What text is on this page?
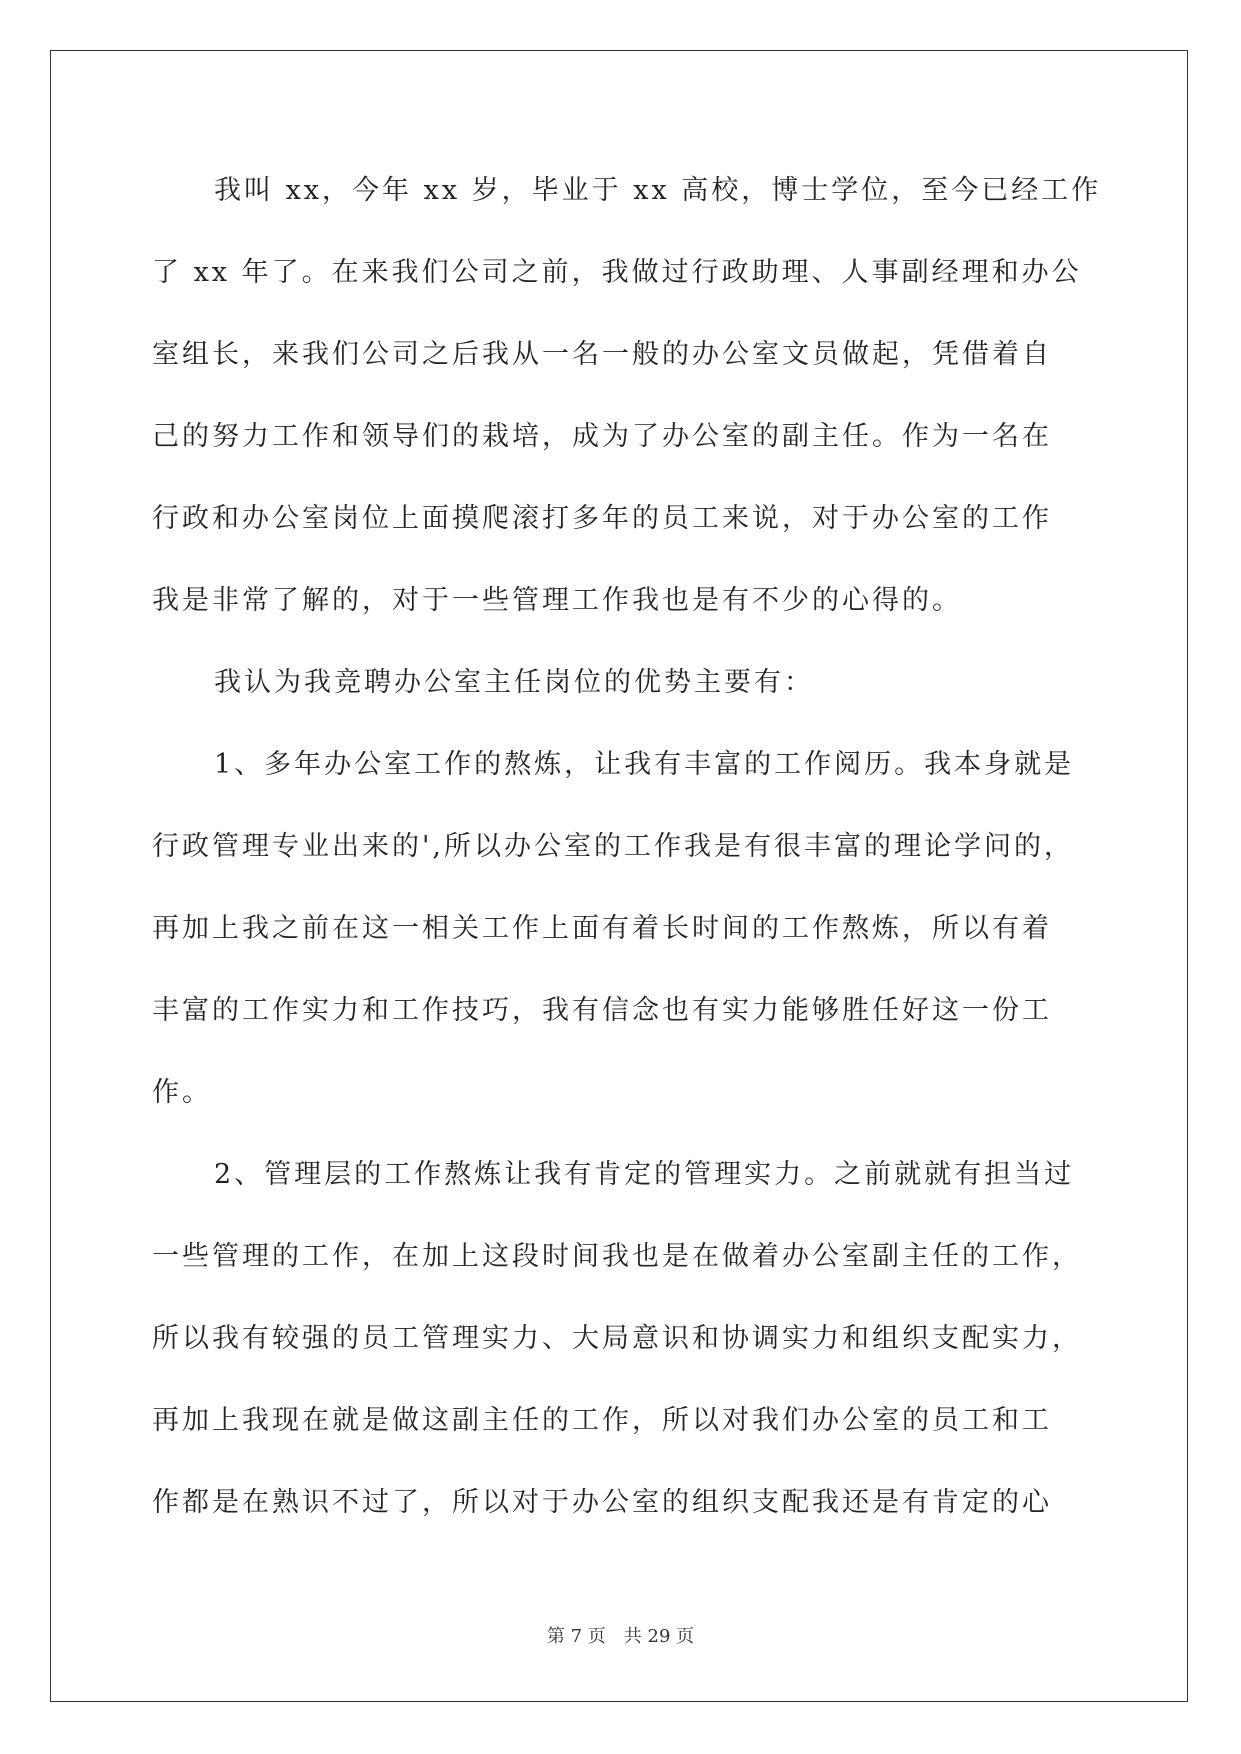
我叫 xx，今年 xx 岁，毕业于 xx 高校，博士学位，至今已经工作
了 xx 年了。在来我们公司之前，我做过行政助理、人事副经理和办公
室组长，来我们公司之后我从一名一般的办公室文员做起，凭借着自
己的努力工作和领导们的栽培，成为了办公室的副主任。作为一名在
行政和办公室岗位上面摸爬滚打多年的员工来说，对于办公室的工作
我是非常了解的，对于一些管理工作我也是有不少的心得的。
我认为我竞聘办公室主任岗位的优势主要有：
1、多年办公室工作的熬炼，让我有丰富的工作阅历。我本身就是
行政管理专业出来的',所以办公室的工作我是有很丰富的理论学问的，
再加上我之前在这一相关工作上面有着长时间的工作熬炼，所以有着
丰富的工作实力和工作技巧，我有信念也有实力能够胜任好这一份工
作。
2、管理层的工作熬炼让我有肯定的管理实力。之前就就有担当过
一些管理的工作，在加上这段时间我也是在做着办公室副主任的工作，
所以我有较强的员工管理实力、大局意识和协调实力和组织支配实力，
再加上我现在就是做这副主任的工作，所以对我们办公室的员工和工
作都是在熟识不过了，所以对于办公室的组织支配我还是有肯定的心
第 7 页 共 29 页
